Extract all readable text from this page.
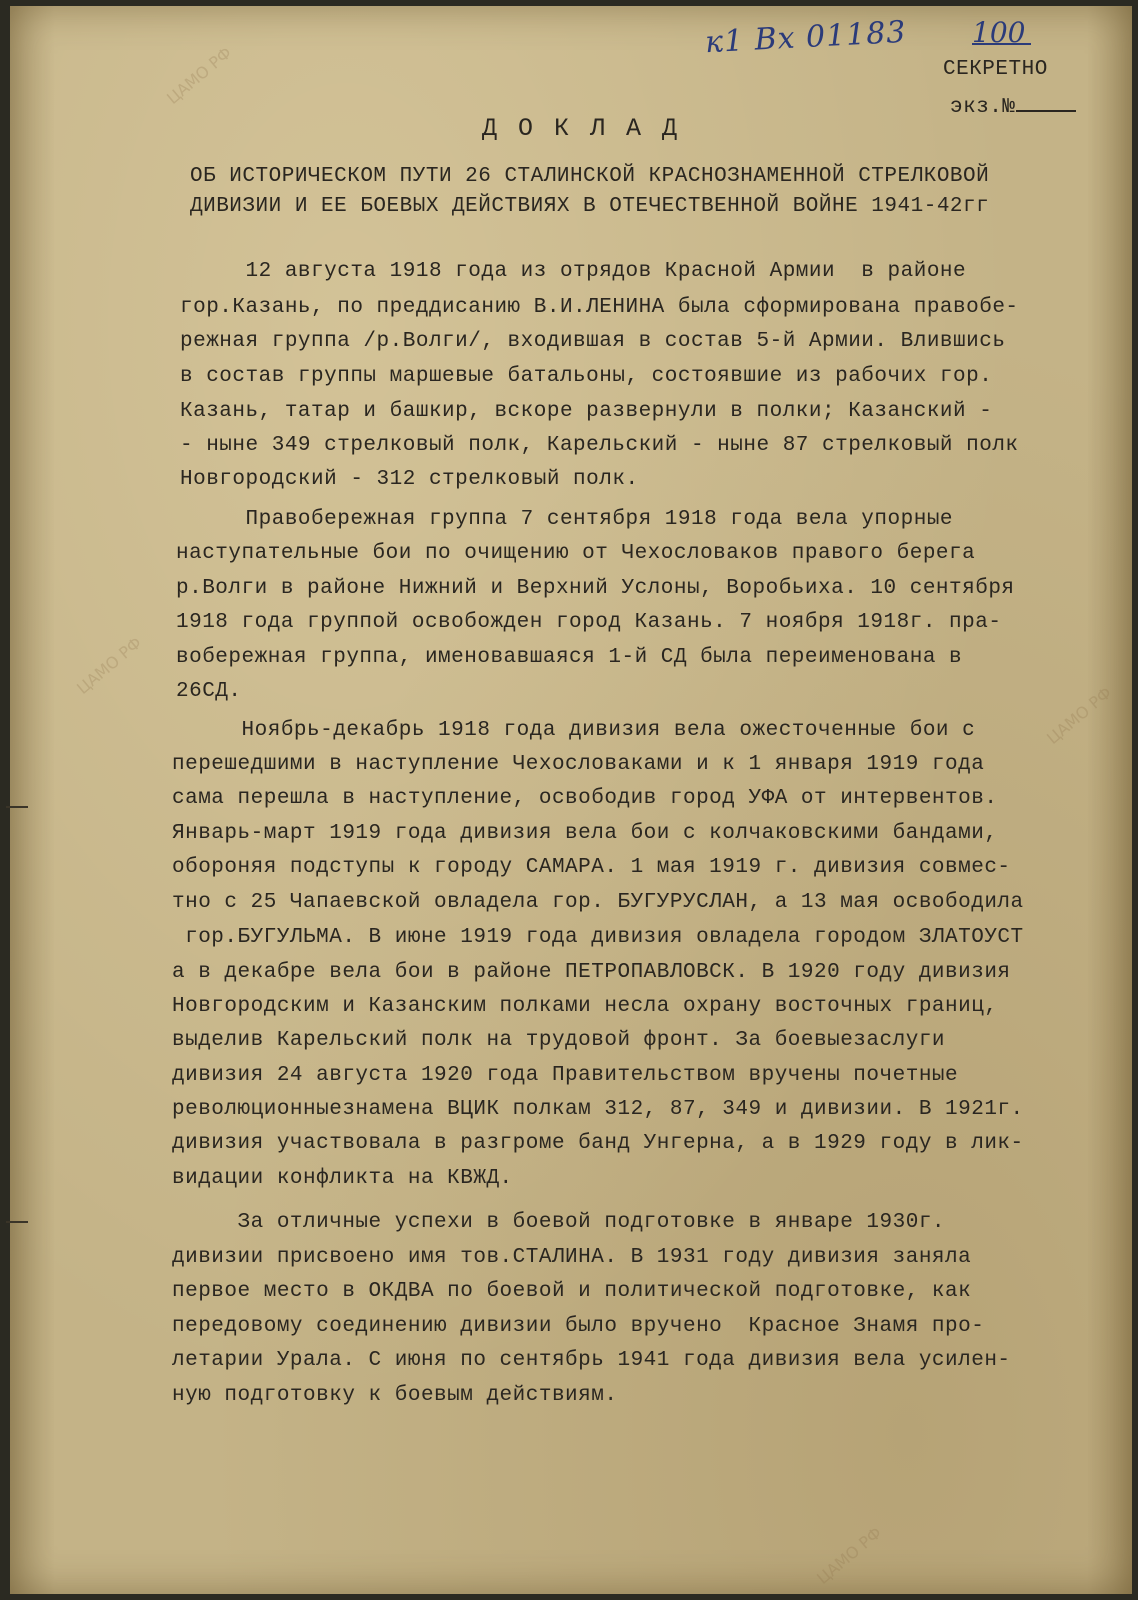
ЦАМО РФ
ЦАМО РФ
ЦАМО РФ
ЦАМО РФ
к1 Вх 01183 100
СЕКРЕТНО
экз.№
ДОКЛАД
ОБ ИСТОРИЧЕСКОМ ПУТИ 26 СТАЛИНСКОЙ КРАСНОЗНАМЕННОЙ СТРЕЛКОВОЙ
ДИВИЗИИ И ЕЕ БОЕВЫХ ДЕЙСТВИЯХ В ОТЕЧЕСТВЕННОЙ ВОЙНЕ 1941-42гг
12 августа 1918 года из отрядов Красной Армии  в районе
гор.Казань, по преддисанию В.И.ЛЕНИНА была сформирована правобе-
режная группа /р.Волги/, входившая в состав 5-й Армии. Влившись
в состав группы маршевые батальоны, состоявшие из рабочих гор.
Казань, татар и башкир, вскоре развернули в полки; Казанский -
- ныне 349 стрелковый полк, Карельский - ныне 87 стрелковый полк
Новгородский - 312 стрелковый полк.
Правобережная группа 7 сентября 1918 года вела упорные
наступательные бои по очищению от Чехословаков правого берега
р.Волги в районе Нижний и Верхний Услоны, Воробьиха. 10 сентября
1918 года группой освобожден город Казань. 7 ноября 1918г. пра-
вобережная группа, именовавшаяся 1-й СД была переименована в
26СД.
Ноябрь-декабрь 1918 года дивизия вела ожесточенные бои с
перешедшими в наступление Чехословаками и к 1 января 1919 года
сама перешла в наступление, освободив город УФА от интервентов.
Январь-март 1919 года дивизия вела бои с колчаковскими бандами,
обороняя подступы к городу САМАРА. 1 мая 1919 г. дивизия совмес-
тно с 25 Чапаевской овладела гор. БУГУРУСЛАН, а 13 мая освободила
гор.БУГУЛЬМА. В июне 1919 года дивизия овладела городом ЗЛАТОУСТ
а в декабре вела бои в районе ПЕТРОПАВЛОВСК. В 1920 году дивизия
Новгородским и Казанским полками несла охрану восточных границ,
выделив Карельский полк на трудовой фронт. За боевыезаслуги
дивизия 24 августа 1920 года Правительством вручены почетные
революционныезнамена ВЦИК полкам 312, 87, 349 и дивизии. В 1921г.
дивизия участвовала в разгроме банд Унгерна, а в 1929 году в лик-
видации конфликта на КВЖД.
За отличные успехи в боевой подготовке в январе 1930г.
дивизии присвоено имя тов.СТАЛИНА. В 1931 году дивизия заняла
первое место в ОКДВА по боевой и политической подготовке, как
передовому соединению дивизии было вручено  Красное Знамя про-
летарии Урала. С июня по сентябрь 1941 года дивизия вела усилен-
ную подготовку к боевым действиям.
